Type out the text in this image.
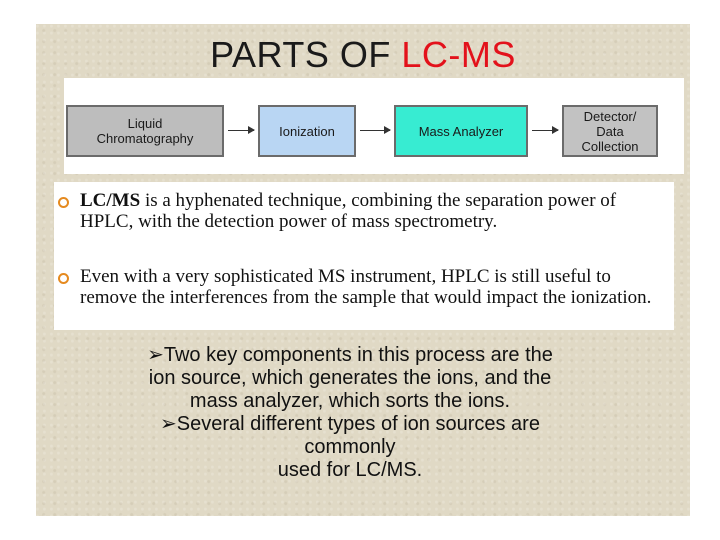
PARTS OF LC-MS
Liquid
Chromatography	Ionization	Mass Analyzer
Detector/
Data
Collection
LC/MS is a hyphenated technique, combining the separation power of HPLC, with the detection power of mass spectrometry.
Even with a very sophisticated MS instrument, HPLC is still useful to remove the interferences from the sample that would impact the ionization.
➢Two key components in this process are the
ion source, which generates the ions, and the
mass analyzer, which sorts the ions.
➢Several different types of ion sources are
commonly
used for LC/MS.
